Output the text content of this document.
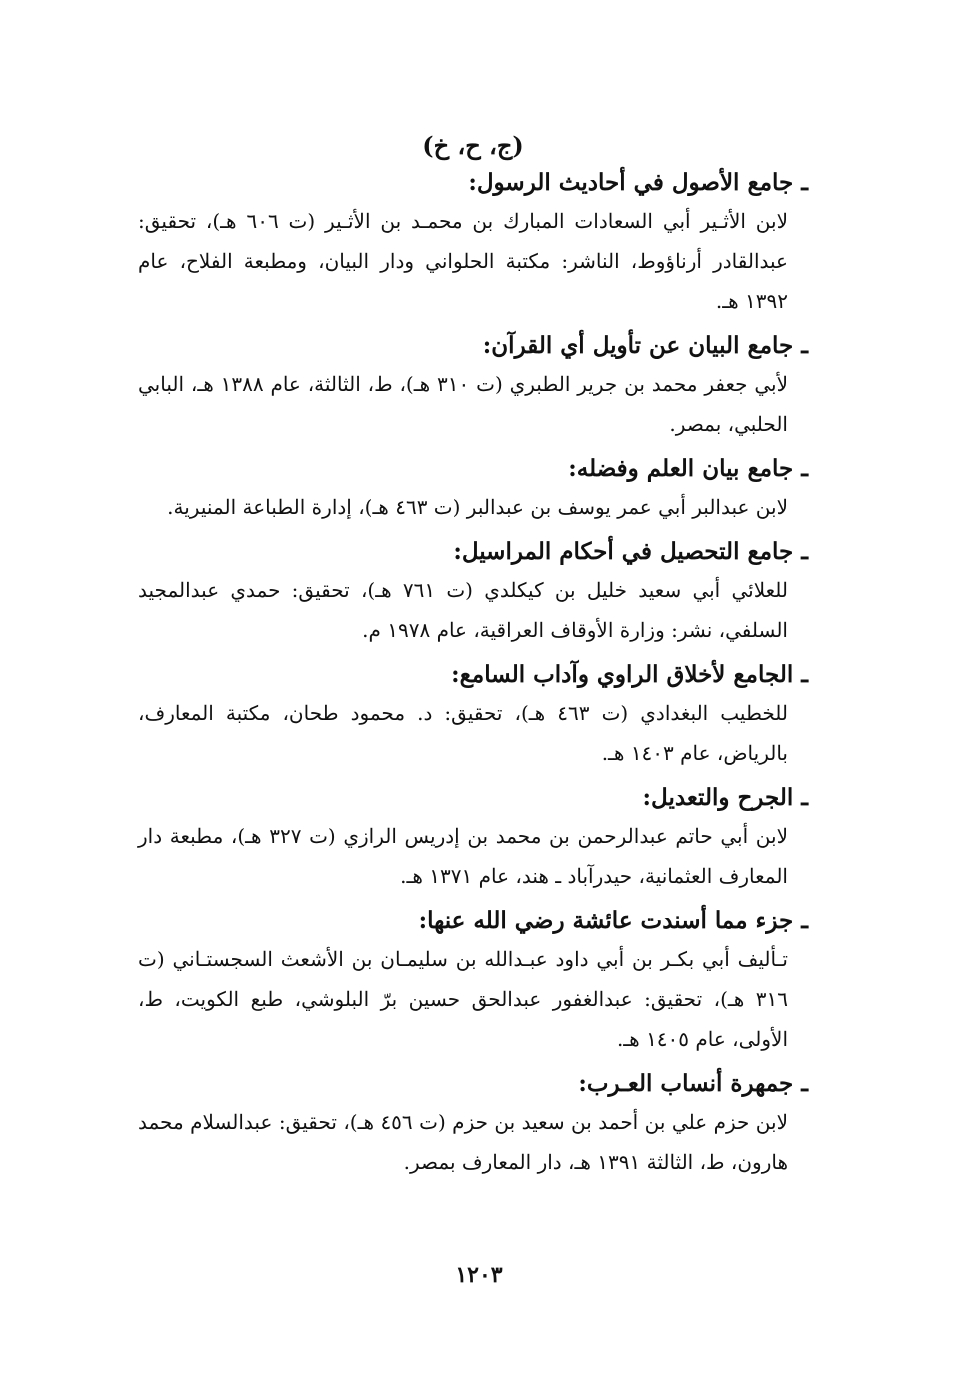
(ج، ح، خ)
ـ جامع الأصول في أحاديث الرسول:
لابن الأثـير أبي السعادات المبارك بن محمـد بن الأثـير (ت ٦٠٦ هـ)، تحقيق: عبدالقادر أرناؤوط، الناشر: مكتبة الحلواني ودار البيان، ومطبعة الفلاح، عام ١٣٩٢ هـ.
ـ جامع البيان عن تأويل أي القرآن:
لأبي جعفر محمد بن جرير الطبري (ت ٣١٠ هـ)، ط، الثالثة، عام ١٣٨٨ هـ، البابي الحلبي، بمصر.
ـ جامع بيان العلم وفضله:
لابن عبدالبر أبي عمر يوسف بن عبدالبر (ت ٤٦٣ هـ)، إدارة الطباعة المنيرية.
ـ جامع التحصيل في أحكام المراسيل:
للعلائي أبي سعيد خليل بن كيكلدي (ت ٧٦١ هـ)، تحقيق: حمدي عبدالمجيد السلفي، نشر: وزارة الأوقاف العراقية، عام ١٩٧٨ م.
ـ الجامع لأخلاق الراوي وآداب السامع:
للخطيب البغدادي (ت ٤٦٣ هـ)، تحقيق: د. محمود طحان، مكتبة المعارف، بالرياض، عام ١٤٠٣ هـ.
ـ الجرح والتعديل:
لابن أبي حاتم عبدالرحمن بن محمد بن إدريس الرازي (ت ٣٢٧ هـ)، مطبعة دار المعارف العثمانية، حيدرآباد ـ هند، عام ١٣٧١ هـ.
ـ جزء مما أسندت عائشة رضي الله عنها:
تـأليف أبي بكـر بن أبي داود عبـدالله بن سليمـان بن الأشعث السجستـاني (ت ٣١٦ هـ)، تحقيق: عبدالغفور عبدالحق حسين برّ البلوشي، طبع الكويت، ط، الأولى، عام ١٤٠٥ هـ.
ـ جمهرة أنساب العـرب:
لابن حزم علي بن أحمد بن سعيد بن حزم (ت ٤٥٦ هـ)، تحقيق: عبدالسلام محمد هارون، ط، الثالثة ١٣٩١ هـ، دار المعارف بمصر.
١٢٠٣
